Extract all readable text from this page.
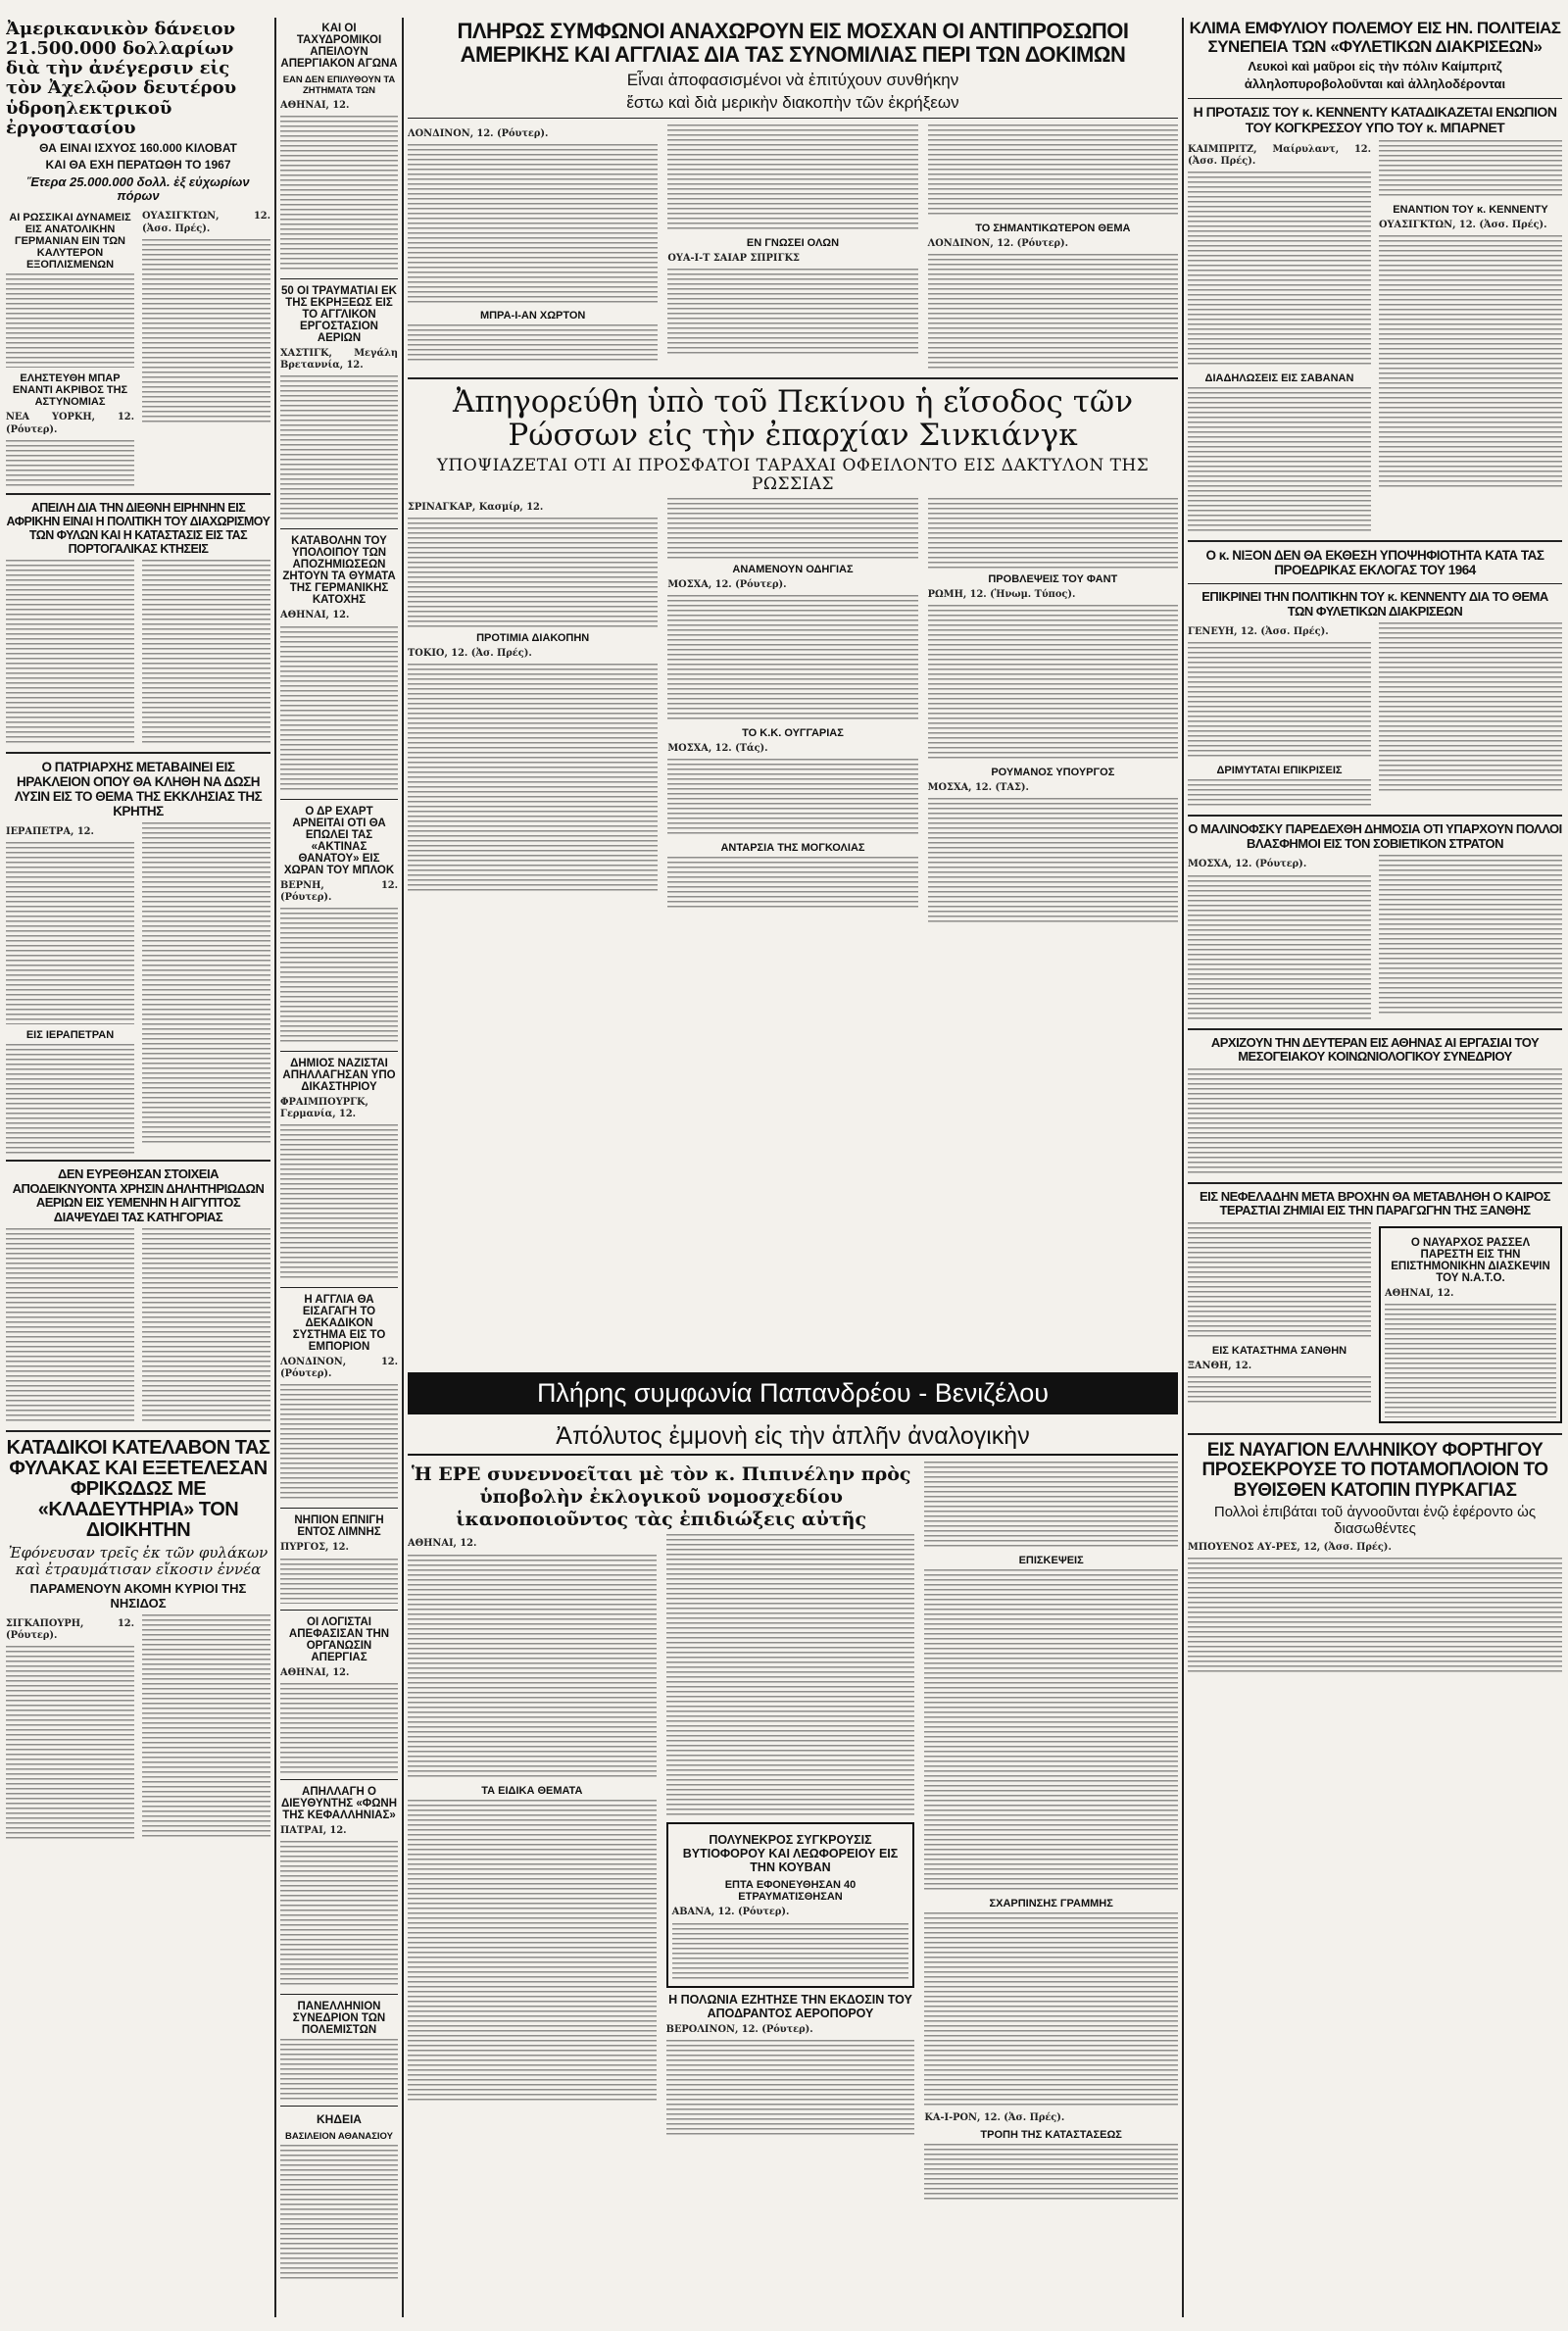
Ἀμερικανικὸν δάνειον 21.500.000 δολλαρίων διὰ τὴν ἀνέγερσιν εἰς τὸν Ἀχελῷον δευτέρου ὑδροηλεκτρικοῦ ἐργοστασίου
ΘΑ ΕΙΝΑΙ ΙΣΧΥΟΣ 160.000 ΚΙΛΟΒΑΤ
ΚΑΙ ΘΑ ΕΧΗ ΠΕΡΑΤΩΘΗ ΤΟ 1967
Ἕτερα 25.000.000 δολλ. ἐξ εὐχωρίων πόρων
ΑΙ ΡΩΣΣΙΚΑΙ ΔΥΝΑΜΕΙΣ ΕΙΣ ΑΝΑΤΟΛΙΚΗΝ ΓΕΡΜΑΝΙΑΝ ΕΙΝ ΤΩΝ ΚΑΛΥΤΕΡΟΝ ΕΞΟΠΛΙΣΜΕΝΩΝ
ΕΛΗΣΤΕΥΘΗ ΜΠΑΡ ΕΝΑΝΤΙ ΑΚΡΙΒΟΣ ΤΗΣ ΑΣΤΥΝΟΜΙΑΣ
ΝΕΑ ΥΟΡΚΗ, 12. (Ρόυτερ).
ΟΥΑΣΙΓΚΤΩΝ, 12. (Ἀσσ. Πρές).
ΑΠΕΙΛΗ ΔΙΑ ΤΗΝ ΔΙΕΘΝΗ ΕΙΡΗΝΗΝ ΕΙΣ ΑΦΡΙΚΗΝ ΕΙΝΑΙ Η ΠΟΛΙΤΙΚΗ ΤΟΥ ΔΙΑΧΩΡΙΣΜΟΥ ΤΩΝ ΦΥΛΩΝ ΚΑΙ Η ΚΑΤΑΣΤΑΣΙΣ ΕΙΣ ΤΑΣ ΠΟΡΤΟΓΑΛΙΚΑΣ ΚΤΗΣΕΙΣ
Ο ΠΑΤΡΙΑΡΧΗΣ ΜΕΤΑΒΑΙΝΕΙ ΕΙΣ ΗΡΑΚΛΕΙΟΝ ΟΠΟΥ ΘΑ ΚΛΗΘΗ ΝΑ ΔΩΣΗ ΛΥΣΙΝ ΕΙΣ ΤΟ ΘΕΜΑ ΤΗΣ ΕΚΚΛΗΣΙΑΣ ΤΗΣ ΚΡΗΤΗΣ
ΙΕΡΑΠΕΤΡΑ, 12.
ΕΙΣ ΙΕΡΑΠΕΤΡΑΝ
ΔΕΝ ΕΥΡΕΘΗΣΑΝ ΣΤΟΙΧΕΙΑ ΑΠΟΔΕΙΚΝΥΟΝΤΑ ΧΡΗΣΙΝ ΔΗΛΗΤΗΡΙΩΔΩΝ ΑΕΡΙΩΝ ΕΙΣ ΥΕΜΕΝΗΝ Η ΑΙΓΥΠΤΟΣ ΔΙΑΨΕΥΔΕΙ ΤΑΣ ΚΑΤΗΓΟΡΙΑΣ
ΚΑΤΑΔΙΚΟΙ ΚΑΤΕΛΑΒΟΝ ΤΑΣ ΦΥΛΑΚΑΣ ΚΑΙ ΕΞΕΤΕΛΕΣΑΝ ΦΡΙΚΩΔΩΣ ΜΕ «ΚΛΑΔΕΥΤΗΡΙΑ» ΤΟΝ ΔΙΟΙΚΗΤΗΝ
Ἐφόνευσαν τρεῖς ἐκ τῶν φυλάκων καὶ ἐτραυμάτισαν εἴκοσιν ἐννέα
ΠΑΡΑΜΕΝΟΥΝ ΑΚΟΜΗ ΚΥΡΙΟΙ ΤΗΣ ΝΗΣΙΔΟΣ
ΣΙΓΚΑΠΟΥΡΗ, 12. (Ρόυτερ).
ΚΑΙ ΟΙ ΤΑΧΥΔΡΟΜΙΚΟΙ ΑΠΕΙΛΟΥΝ ΑΠΕΡΓΙΑΚΟΝ ΑΓΩΝΑ
ΕΑΝ ΔΕΝ ΕΠΙΛΥΘΟΥΝ ΤΑ ΖΗΤΗΜΑΤΑ ΤΩΝ
ΑΘΗΝΑΙ, 12.
50 ΟΙ ΤΡΑΥΜΑΤΙΑΙ ΕΚ ΤΗΣ ΕΚΡΗΞΕΩΣ ΕΙΣ ΤΟ ΑΓΓΛΙΚΟΝ ΕΡΓΟΣΤΑΣΙΟΝ ΑΕΡΙΩΝ
ΧΑΣΤΙΓΚ, Μεγάλη Βρεταννία, 12.
ΚΑΤΑΒΟΛΗΝ ΤΟΥ ΥΠΟΛΟΙΠΟΥ ΤΩΝ ΑΠΟΖΗΜΙΩΣΕΩΝ ΖΗΤΟΥΝ ΤΑ ΘΥΜΑΤΑ ΤΗΣ ΓΕΡΜΑΝΙΚΗΣ ΚΑΤΟΧΗΣ
ΑΘΗΝΑΙ, 12.
Ο ΔΡ ΕΧΑΡΤ ΑΡΝΕΙΤΑΙ ΟΤΙ ΘΑ ΕΠΩΛΕΙ ΤΑΣ «ΑΚΤΙΝΑΣ ΘΑΝΑΤΟΥ» ΕΙΣ ΧΩΡΑΝ ΤΟΥ ΜΠΛΟΚ
ΒΕΡΝΗ, 12. (Ρόυτερ).
ΔΗΜΙΟΣ ΝΑΖΙΣΤΑΙ ΑΠΗΛΛΑΓΗΣΑΝ ΥΠΟ ΔΙΚΑΣΤΗΡΙΟΥ
ΦΡΑΙΜΠΟΥΡΓΚ, Γερμανία, 12.
Η ΑΓΓΛΙΑ ΘΑ ΕΙΣΑΓΑΓΗ ΤΟ ΔΕΚΑΔΙΚΟΝ ΣΥΣΤΗΜΑ ΕΙΣ ΤΟ ΕΜΠΟΡΙΟΝ
ΛΟΝΔΙΝΟΝ, 12. (Ρόυτερ).
ΝΗΠΙΟΝ ΕΠΝΙΓΗ ΕΝΤΟΣ ΛΙΜΝΗΣ
ΠΥΡΓΟΣ, 12.
ΟΙ ΛΟΓΙΣΤΑΙ ΑΠΕΦΑΣΙΣΑΝ ΤΗΝ ΟΡΓΑΝΩΣΙΝ ΑΠΕΡΓΙΑΣ
ΑΘΗΝΑΙ, 12.
ΑΠΗΛΛΑΓΗ Ο ΔΙΕΥΘΥΝΤΗΣ «ΦΩΝΗ ΤΗΣ ΚΕΦΑΛΛΗΝΙΑΣ»
ΠΑΤΡΑΙ, 12.
ΠΑΝΕΛΛΗΝΙΟΝ ΣΥΝΕΔΡΙΟΝ ΤΩΝ ΠΟΛΕΜΙΣΤΩΝ
ΚΗΔΕΙΑ
ΒΑΣΙΛΕΙΟΝ ΑΘΑΝΑΣΙΟΥ
ΠΛΗΡΩΣ ΣΥΜΦΩΝΟΙ ΑΝΑΧΩΡΟΥΝ ΕΙΣ ΜΟΣΧΑΝ ΟΙ ΑΝΤΙΠΡΟΣΩΠΟΙ ΑΜΕΡΙΚΗΣ ΚΑΙ ΑΓΓΛΙΑΣ ΔΙΑ ΤΑΣ ΣΥΝΟΜΙΛΙΑΣ ΠΕΡΙ ΤΩΝ ΔΟΚΙΜΩΝ
Εἶναι ἀποφασισμένοι νὰ ἐπιτύχουν συνθήκην
ἔστω καὶ διὰ μερικὴν διακοπὴν τῶν ἐκρήξεων
ΛΟΝΔΙΝΟΝ, 12. (Ρόυτερ).
ΜΠΡΑ-Ι-ΑΝ ΧΩΡΤΟΝ
ΕΝ ΓΝΩΣΕΙ ΟΛΩΝ
ΟΥΑ-Ι-Τ ΣΑΙΑΡ ΣΠΡΙΓΚΣ
ΤΟ ΣΗΜΑΝΤΙΚΩΤΕΡΟΝ ΘΕΜΑ
ΛΟΝΔΙΝΟΝ, 12. (Ρόυτερ).
Ἀπηγορεύθη ὑπὸ τοῦ Πεκίνου ἡ εἴσοδος τῶν Ρώσσων εἰς τὴν ἐπαρχίαν Σινκιάνγκ
ΥΠΟΨΙΑΖΕΤΑΙ ΟΤΙ ΑΙ ΠΡΟΣΦΑΤΟΙ ΤΑΡΑΧΑΙ ΟΦΕΙΛΟΝΤΟ ΕΙΣ ΔΑΚΤΥΛΟΝ ΤΗΣ ΡΩΣΣΙΑΣ
ΣΡΙΝΑΓΚΑΡ, Κασμίρ, 12.
ΠΡΟΤΙΜΙΑ ΔΙΑΚΟΠΗΝ
ΤΟΚΙΟ, 12. (Ἀσ. Πρές).
ΑΝΑΜΕΝΟΥΝ ΟΔΗΓΙΑΣ
ΜΟΣΧΑ, 12. (Ρόυτερ).
ΤΟ Κ.Κ. ΟΥΓΓΑΡΙΑΣ
ΜΟΣΧΑ, 12. (Τάς).
ΑΝΤΑΡΣΙΑ ΤΗΣ ΜΟΓΚΟΛΙΑΣ
ΠΡΟΒΛΕΨΕΙΣ ΤΟΥ ΦΑΝΤ
ΡΩΜΗ, 12. (Ἡνωμ. Τύπος).
ΡΟΥΜΑΝΟΣ ΥΠΟΥΡΓΟΣ
ΜΟΣΧΑ, 12. (ΤΑΣ).
Πλήρης συμφωνία Παπανδρέου - Βενιζέλου
Ἀπόλυτος ἐμμονὴ εἰς τὴν ἁπλῆν ἀναλογικὴν
Ἡ ΕΡΕ συνεννοεῖται μὲ τὸν κ. Πιπινέλην πρὸς ὑποβολὴν ἐκλογικοῦ νομοσχεδίου ἱκανοποιοῦντος τὰς ἐπιδιώξεις αὐτῆς
ΑΘΗΝΑΙ, 12.
ΤΑ ΕΙΔΙΚΑ ΘΕΜΑΤΑ
ΠΟΛΥΝΕΚΡΟΣ ΣΥΓΚΡΟΥΣΙΣ ΒΥΤΙΟΦΟΡΟΥ ΚΑΙ ΛΕΩΦΟΡΕΙΟΥ ΕΙΣ ΤΗΝ ΚΟΥΒΑΝ
ΕΠΤΑ ΕΦΟΝΕΥΘΗΣΑΝ 40 ΕΤΡΑΥΜΑΤΙΣΘΗΣΑΝ
ΑΒΑΝΑ, 12. (Ρόυτερ).
Η ΠΟΛΩΝΙΑ ΕΖΗΤΗΣΕ ΤΗΝ ΕΚΔΟΣΙΝ ΤΟΥ ΑΠΟΔΡΑΝΤΟΣ ΑΕΡΟΠΟΡΟΥ
ΒΕΡΟΛΙΝΟΝ, 12. (Ρόυτερ).
ΕΠΙΣΚΕΨΕΙΣ
ΣΧΑΡΠΙΝΣΗΣ ΓΡΑΜΜΗΣ
ΚΑ-Ι-ΡΟΝ, 12. (Ἀσ. Πρές).
ΤΡΟΠΗ ΤΗΣ ΚΑΤΑΣΤΑΣΕΩΣ
ΚΛΙΜΑ ΕΜΦΥΛΙΟΥ ΠΟΛΕΜΟΥ ΕΙΣ ΗΝ. ΠΟΛΙΤΕΙΑΣ ΣΥΝΕΠΕΙΑ ΤΩΝ «ΦΥΛΕΤΙΚΩΝ ΔΙΑΚΡΙΣΕΩΝ»
Λευκοὶ καὶ μαῦροι εἰς τὴν πόλιν Καίμπριτζ
ἀλληλοπυροβολοῦνται καὶ ἀλληλοδέρονται
Η ΠΡΟΤΑΣΙΣ ΤΟΥ κ. ΚΕΝΝΕΝΤΥ ΚΑΤΑΔΙΚΑΖΕΤΑΙ ΕΝΩΠΙΟΝ ΤΟΥ ΚΟΓΚΡΕΣΣΟΥ ΥΠΟ ΤΟΥ κ. ΜΠΑΡΝΕΤ
ΚΑΙΜΠΡΙΤΖ, Μαίρυλαντ, 12. (Ἀσσ. Πρές).
ΔΙΑΔΗΛΩΣΕΙΣ ΕΙΣ ΣΑΒΑΝΑΝ
ΕΝΑΝΤΙΟΝ ΤΟΥ κ. ΚΕΝΝΕΝΤΥ
ΟΥΑΣΙΓΚΤΩΝ, 12. (Ἀσσ. Πρές).
Ο κ. ΝΙΞΟΝ ΔΕΝ ΘΑ ΕΚΘΕΣΗ ΥΠΟΨΗΦΙΟΤΗΤΑ ΚΑΤΑ ΤΑΣ ΠΡΟΕΔΡΙΚΑΣ ΕΚΛΟΓΑΣ ΤΟΥ 1964
ΕΠΙΚΡΙΝΕΙ ΤΗΝ ΠΟΛΙΤΙΚΗΝ ΤΟΥ κ. ΚΕΝΝΕΝΤΥ ΔΙΑ ΤΟ ΘΕΜΑ ΤΩΝ ΦΥΛΕΤΙΚΩΝ ΔΙΑΚΡΙΣΕΩΝ
ΓΕΝΕΥΗ, 12. (Ἀσσ. Πρές).
ΔΡΙΜΥΤΑΤΑΙ ΕΠΙΚΡΙΣΕΙΣ
Ο ΜΑΛΙΝΟΦΣΚΥ ΠΑΡΕΔΕΧΘΗ ΔΗΜΟΣΙΑ ΟΤΙ ΥΠΑΡΧΟΥΝ ΠΟΛΛΟΙ ΒΛΑΣΦΗΜΟΙ ΕΙΣ ΤΟΝ ΣΟΒΙΕΤΙΚΟΝ ΣΤΡΑΤΟΝ
ΜΟΣΧΑ, 12. (Ρόυτερ).
ΑΡΧΙΖΟΥΝ ΤΗΝ ΔΕΥΤΕΡΑΝ ΕΙΣ ΑΘΗΝΑΣ ΑΙ ΕΡΓΑΣΙΑΙ ΤΟΥ ΜΕΣΟΓΕΙΑΚΟΥ ΚΟΙΝΩΝΙΟΛΟΓΙΚΟΥ ΣΥΝΕΔΡΙΟΥ
ΕΙΣ ΝΕΦΕΛΑΔΗΝ ΜΕΤΑ ΒΡΟΧΗΝ ΘΑ ΜΕΤΑΒΛΗΘΗ Ο ΚΑΙΡΟΣ ΤΕΡΑΣΤΙΑΙ ΖΗΜΙΑΙ ΕΙΣ ΤΗΝ ΠΑΡΑΓΩΓΗΝ ΤΗΣ ΞΑΝΘΗΣ
ΕΙΣ ΚΑΤΑΣΤΗΜΑ ΣΑΝΘΗΝ
ΞΑΝΘΗ, 12.
Ο ΝΑΥΑΡΧΟΣ ΡΑΣΣΕΛ ΠΑΡΕΣΤΗ ΕΙΣ ΤΗΝ ΕΠΙΣΤΗΜΟΝΙΚΗΝ ΔΙΑΣΚΕΨΙΝ ΤΟΥ Ν.Α.Τ.Ο.
ΑΘΗΝΑΙ, 12.
ΕΙΣ ΝΑΥΑΓΙΟΝ ΕΛΛΗΝΙΚΟΥ ΦΟΡΤΗΓΟΥ ΠΡΟΣΕΚΡΟΥΣΕ ΤΟ ΠΟΤΑΜΟΠΛΟΙΟΝ ΤΟ ΒΥΘΙΣΘΕΝ ΚΑΤΟΠΙΝ ΠΥΡΚΑΓΙΑΣ
Πολλοὶ ἐπιβάται τοῦ ἀγνοοῦνται ἐνῷ ἐφέροντο ὡς διασωθέντες
ΜΠΟΥΕΝΟΣ ΑΥ-ΡΕΣ, 12, (Ἀσσ. Πρές).
